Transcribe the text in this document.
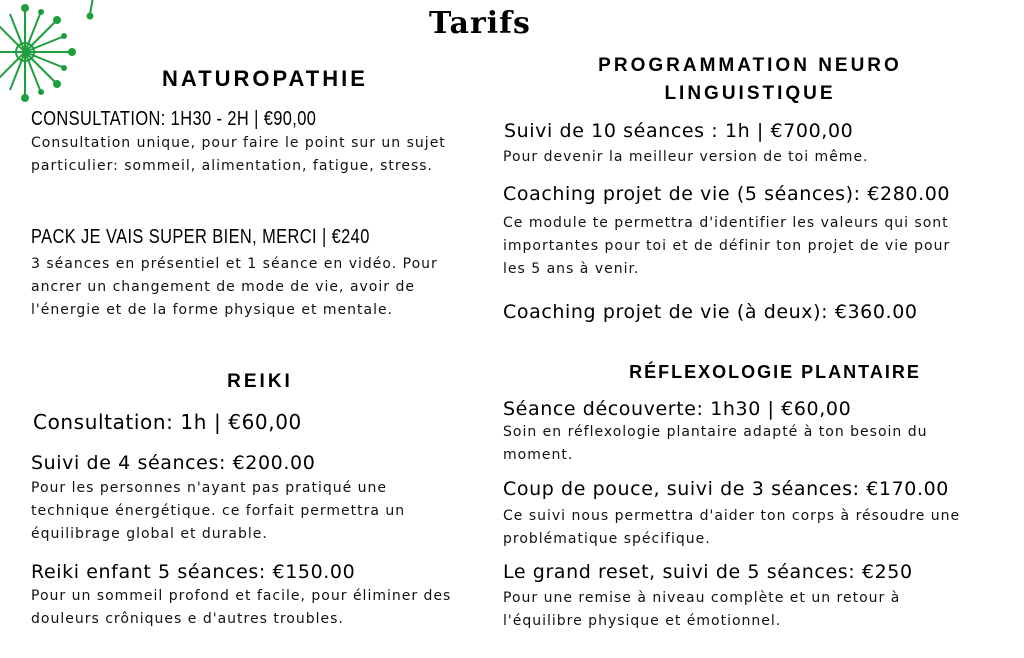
Tarifs
NATUROPATHIE
CONSULTATION: 1H30 - 2H | €90,00
Consultation unique, pour faire le point sur un sujet particulier: sommeil, alimentation, fatigue, stress.
PACK JE VAIS SUPER BIEN, MERCI | €240
3 séances en présentiel et 1 séance en vidéo. Pour ancrer un changement de mode de vie, avoir de l'énergie et de la forme physique et mentale.
REIKI
Consultation: 1h | €60,00
Suivi de 4 séances: €200.00
Pour les personnes n'ayant pas pratiqué une technique énergétique. ce forfait permettra un équilibrage global et durable.
Reiki enfant 5 séances: €150.00
Pour un sommeil profond et facile, pour éliminer des douleurs crôniques e d'autres troubles.
PROGRAMMATION NEURO
LINGUISTIQUE
Suivi de 10 séances : 1h | €700,00
Pour devenir la meilleur version de toi même.
Coaching projet de vie (5 séances): €280.00
Ce module te permettra d'identifier les valeurs qui sont importantes pour toi et de définir ton projet de vie pour les 5 ans à venir.
Coaching projet de vie (à deux): €360.00
RÉFLEXOLOGIE PLANTAIRE
Séance découverte: 1h30 | €60,00
Soin en réflexologie plantaire adapté à ton besoin du moment.
Coup de pouce, suivi de 3 séances: €170.00
Ce suivi nous permettra d'aider ton corps à résoudre une problématique spécifique.
Le grand reset, suivi de 5 séances: €250
Pour une remise à niveau complète et un retour à l'équilibre physique et émotionnel.
